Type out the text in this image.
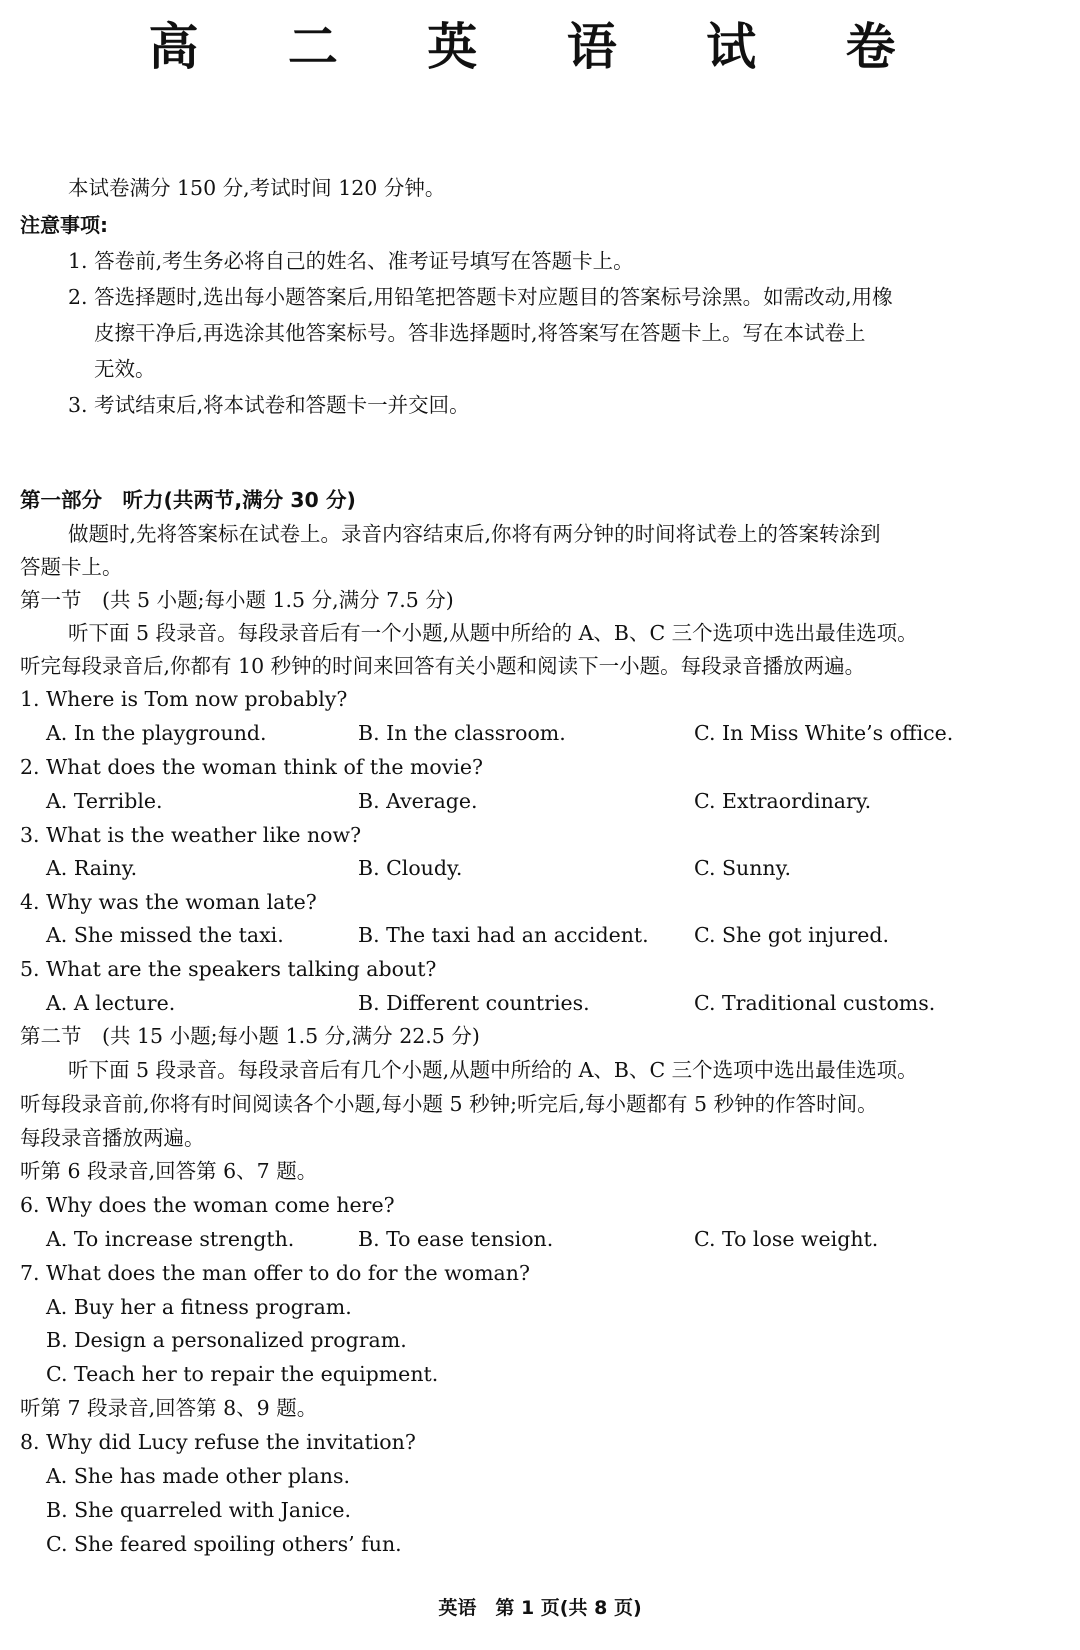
高 二 英 语 试 卷
本试卷满分 150 分,考试时间 120 分钟。
注意事项:
1. 答卷前,考生务必将自己的姓名、准考证号填写在答题卡上。
2. 答选择题时,选出每小题答案后,用铅笔把答题卡对应题目的答案标号涂黑。如需改动,用橡
皮擦干净后,再选涂其他答案标号。答非选择题时,将答案写在答题卡上。写在本试卷上
无效。
3. 考试结束后,将本试卷和答题卡一并交回。
第一部分　听力(共两节,满分 30 分)
做题时,先将答案标在试卷上。录音内容结束后,你将有两分钟的时间将试卷上的答案转涂到
答题卡上。
第一节　(共 5 小题;每小题 1.5 分,满分 7.5 分)
听下面 5 段录音。每段录音后有一个小题,从题中所给的 A、B、C 三个选项中选出最佳选项。
听完每段录音后,你都有 10 秒钟的时间来回答有关小题和阅读下一小题。每段录音播放两遍。
1. Where is Tom now probably?
A. In the playground.	B. In the classroom.	C. In Miss White’s office.
2. What does the woman think of the movie?
A. Terrible.	B. Average.	C. Extraordinary.
3. What is the weather like now?
A. Rainy.	B. Cloudy.	C. Sunny.
4. Why was the woman late?
A. She missed the taxi.	B. The taxi had an accident. C. She got injured.
5. What are the speakers talking about?
A. A lecture.	B. Different countries.	C. Traditional customs.
第二节　(共 15 小题;每小题 1.5 分,满分 22.5 分)
听下面 5 段录音。每段录音后有几个小题,从题中所给的 A、B、C 三个选项中选出最佳选项。
听每段录音前,你将有时间阅读各个小题,每小题 5 秒钟;听完后,每小题都有 5 秒钟的作答时间。
每段录音播放两遍。
听第 6 段录音,回答第 6、7 题。
6. Why does the woman come here?
A. To increase strength.	B. To ease tension.	C. To lose weight.
7. What does the man offer to do for the woman?
A. Buy her a fitness program.
B. Design a personalized program.
C. Teach her to repair the equipment.
听第 7 段录音,回答第 8、9 题。
8. Why did Lucy refuse the invitation?
A. She has made other plans.
B. She quarreled with Janice.
C. She feared spoiling others’ fun.
英语　第 1 页(共 8 页)
